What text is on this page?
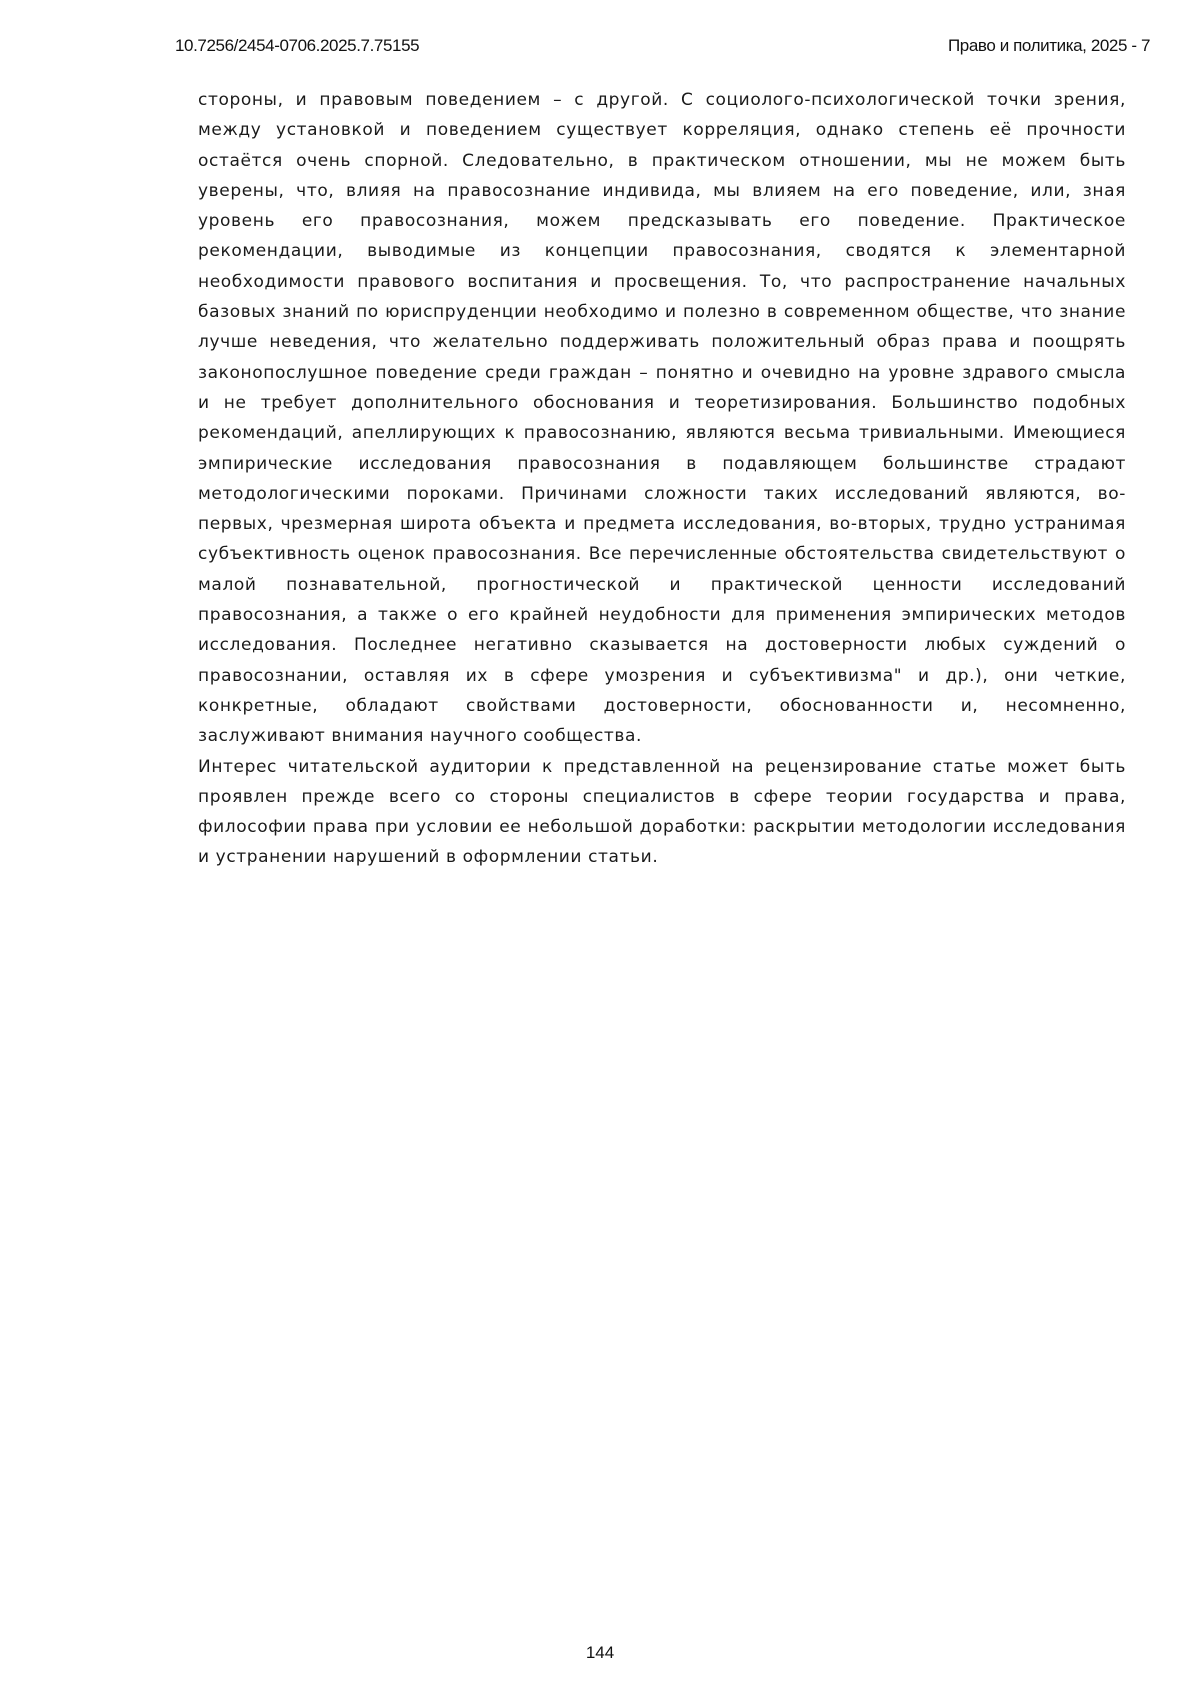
10.7256/2454-0706.2025.7.75155	Право и политика, 2025 - 7

стороны, и правовым поведением – с другой. С социолого-психологической точки зрения, между установкой и поведением существует корреляция, однако степень её прочности остаётся очень спорной. Следовательно, в практическом отношении, мы не можем быть уверены, что, влияя на правосознание индивида, мы влияем на его поведение, или, зная уровень его правосознания, можем предсказывать его поведение. Практическое рекомендации, выводимые из концепции правосознания, сводятся к элементарной необходимости правового воспитания и просвещения. То, что распространение начальных базовых знаний по юриспруденции необходимо и полезно в современном обществе, что знание лучше неведения, что желательно поддерживать положительный образ права и поощрять законопослушное поведение среди граждан – понятно и очевидно на уровне здравого смысла и не требует дополнительного обоснования и теоретизирования. Большинство подобных рекомендаций, апеллирующих к правосознанию, являются весьма тривиальными. Имеющиеся эмпирические исследования правосознания в подавляющем большинстве страдают методологическими пороками. Причинами сложности таких исследований являются, во-первых, чрезмерная широта объекта и предмета исследования, во-вторых, трудно устранимая субъективность оценок правосознания. Все перечисленные обстоятельства свидетельствуют о малой познавательной, прогностической и практической ценности исследований правосознания, а также о его крайней неудобности для применения эмпирических методов исследования. Последнее негативно сказывается на достоверности любых суждений о правосознании, оставляя их в сфере умозрения и субъективизма" и др.), они четкие, конкретные, обладают свойствами достоверности, обоснованности и, несомненно, заслуживают внимания научного сообщества.

Интерес читательской аудитории к представленной на рецензирование статье может быть проявлен прежде всего со стороны специалистов в сфере теории государства и права, философии права при условии ее небольшой доработки: раскрытии методологии исследования и устранении нарушений в оформлении статьи.

144
